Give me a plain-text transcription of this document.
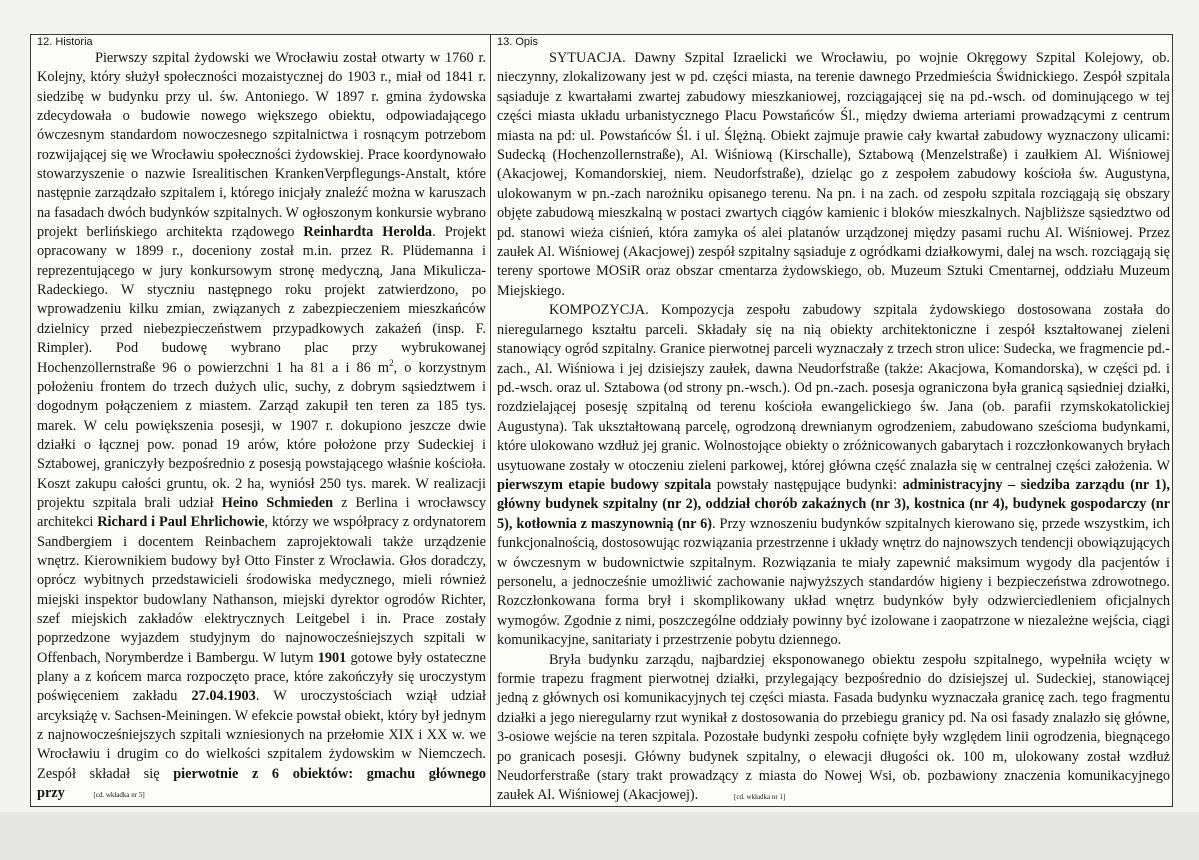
12. Historia

Pierwszy szpital żydowski we Wrocławiu został otwarty w 1760 r. Kolejny, który służył społeczności mozaistycznej do 1903 r., miał od 1841 r. siedzibę w budynku przy ul. św. Antoniego. W 1897 r. gmina żydowska zdecydowała o budowie nowego większego obiektu, odpowiadającego ówczesnym standardom nowoczesnego szpitalnictwa i rosnącym potrzebom rozwijającej się we Wrocławiu społeczności żydowskiej. Prace koordynowało stowarzyszenie o nazwie Isrealitischen KrankenVerpflegungs-Anstalt, które następnie zarządzało szpitalem i, którego inicjały znaleźć można w karuszach na fasadach dwóch budynków szpitalnych. W ogłoszonym konkursie wybrano projekt berlińskiego architekta rządowego Reinhardta Herolda. Projekt opracowany w 1899 r., doceniony został m.in. przez R. Plüdemanna i reprezentującego w jury konkursowym stronę medyczną, Jana Mikulicza-Radeckiego. W styczniu następnego roku projekt zatwierdzono, po wprowadzeniu kilku zmian, związanych z zabezpieczeniem mieszkańców dzielnicy przed niebezpieczeństwem przypadkowych zakażeń (insp. F. Rimpler). Pod budowę wybrano plac przy wybrukowanej Hochenzollernstraße 96 o powierzchni 1 ha 81 a i 86 $m^2$, o korzystnym położeniu frontem do trzech dużych ulic, suchy, z dobrym sąsiedztwem i dogodnym połączeniem z miastem. Zarząd zakupił ten teren za 185 tys. marek. W celu powiększenia posesji, w 1907 r. dokupiono jeszcze dwie działki o łącznej pow. ponad 19 arów, które położone przy Sudeckiej i Sztabowej, graniczyły bezpośrednio z posesją powstającego właśnie kościoła. Koszt zakupu całości gruntu, ok. 2 ha, wyniósł 250 tys. marek. W realizacji projektu szpitala brali udział Heino Schmieden z Berlina i wrocławscy architekci Richard i Paul Ehrlichowie, którzy we współpracy z ordynatorem Sandbergiem i docentem Reinbachem zaprojektowali także urządzenie wnętrz. Kierownikiem budowy był Otto Finster z Wrocławia. Głos doradczy, oprócz wybitnych przedstawicieli środowiska medycznego, mieli również miejski inspektor budowlany Nathanson, miejski dyrektor ogrodów Richter, szef miejskich zakładów elektrycznych Leitgebel i in. Prace zostały poprzedzone wyjazdem studyjnym do najnowocześniejszych szpitali w Offenbach, Norymberdze i Bambergu. W lutym 1901 gotowe były ostateczne plany a z końcem marca rozpoczęto prace, które zakończyły się uroczystym poświęceniem zakładu 27.04.1903. W uroczystościach wziął udział arcyksiążę v. Sachsen-Meiningen. W efekcie powstał obiekt, który był jednym z najnowocześniejszych szpitali wzniesionych na przełomie XIX i XX w. we Wrocławiu i drugim co do wielkości szpitalem żydowskim w Niemczech. Zespół składał się pierwotnie z 6 obiektów: gmachu głównego przy	[cd. wkładka nr 5]

13. Opis

SYTUACJA. Dawny Szpital Izraelicki we Wrocławiu, po wojnie Okręgowy Szpital Kolejowy, ob. nieczynny, zlokalizowany jest w pd. części miasta, na terenie dawnego Przedmieścia Świdnickiego. Zespół szpitala sąsiaduje z kwartałami zwartej zabudowy mieszkaniowej, rozciągającej się na pd.-wsch. od dominującego w tej części miasta układu urbanistycznego Placu Powstańców Śl., między dwiema arteriami prowadzącymi z centrum miasta na pd: ul. Powstańców Śl. i ul. Ślężną. Obiekt zajmuje prawie cały kwartał zabudowy wyznaczony ulicami: Sudecką (Hochenzollernstraße), Al. Wiśniową (Kirschalle), Sztabową (Menzelstraße) i zaułkiem Al. Wiśniowej (Akacjowej, Komandorskiej, niem. Neudorfstraße), dzieląc go z zespołem zabudowy kościoła św. Augustyna, ulokowanym w pn.-zach narożniku opisanego terenu. Na pn. i na zach. od zespołu szpitala rozciągają się obszary objęte zabudową mieszkalną w postaci zwartych ciągów kamienic i bloków mieszkalnych. Najbliższe sąsiedztwo od pd. stanowi wieża ciśnień, która zamyka oś alei platanów urządzonej między pasami ruchu Al. Wiśniowej. Przez zaułek Al. Wiśniowej (Akacjowej) zespół szpitalny sąsiaduje z ogródkami działkowymi, dalej na wsch. rozciągają się tereny sportowe MOSiR oraz obszar cmentarza żydowskiego, ob. Muzeum Sztuki Cmentarnej, oddziału Muzeum Miejskiego.

KOMPOZYCJA. Kompozycja zespołu zabudowy szpitala żydowskiego dostosowana została do nieregularnego kształtu parceli. Składały się na nią obiekty architektoniczne i zespół kształtowanej zieleni stanowiący ogród szpitalny. Granice pierwotnej parceli wyznaczały z trzech stron ulice: Sudecka, we fragmencie pd.-zach., Al. Wiśniowa i jej dzisiejszy zaułek, dawna Neudorfstraße (także: Akacjowa, Komandorska), w części pd. i pd.-wsch. oraz ul. Sztabowa (od strony pn.-wsch.). Od pn.-zach. posesja ograniczona była granicą sąsiedniej działki, rozdzielającej posesję szpitalną od terenu kościoła ewangelickiego św. Jana (ob. parafii rzymskokatolickiej Augustyna). Tak ukształtowaną parcelę, ogrodzoną drewnianym ogrodzeniem, zabudowano sześcioma budynkami, które ulokowano wzdłuż jej granic. Wolnostojące obiekty o zróżnicowanych gabarytach i rozczłonkowanych bryłach usytuowane zostały w otoczeniu zieleni parkowej, której główna część znalazła się w centralnej części założenia. W pierwszym etapie budowy szpitala powstały następujące budynki: administracyjny – siedziba zarządu (nr 1), główny budynek szpitalny (nr 2), oddział chorób zakaźnych (nr 3), kostnica (nr 4), budynek gospodarczy (nr 5), kotłownia z maszynownią (nr 6). Przy wznoszeniu budynków szpitalnych kierowano się, przede wszystkim, ich funkcjonalnością, dostosowując rozwiązania przestrzenne i układy wnętrz do najnowszych tendencji obowiązujących w ówczesnym w budownictwie szpitalnym. Rozwiązania te miały zapewnić maksimum wygody dla pacjentów i personelu, a jednocześnie umożliwić zachowanie najwyższych standardów higieny i bezpieczeństwa zdrowotnego. Rozczłonkowana forma brył i skomplikowany układ wnętrz budynków były odzwierciedleniem oficjalnych wymogów. Zgodnie z nimi, poszczególne oddziały powinny być izolowane i zaopatrzone w niezależne wejścia, ciągi komunikacyjne, sanitariaty i przestrzenie pobytu dziennego.

Bryła budynku zarządu, najbardziej eksponowanego obiektu zespołu szpitalnego, wypełniła wcięty w formie trapezu fragment pierwotnej działki, przylegający bezpośrednio do dzisiejszej ul. Sudeckiej, stanowiącej jedną z głównych osi komunikacyjnych tej części miasta. Fasada budynku wyznaczała granicę zach. tego fragmentu działki a jego nieregularny rzut wynikał z dostosowania do przebiegu granicy pd. Na osi fasady znalazło się główne, 3-osiowe wejście na teren szpitala. Pozostałe budynki zespołu cofnięte były względem linii ogrodzenia, biegnącego po granicach posesji. Główny budynek szpitalny, o elewacji długości ok. 100 m, ulokowany został wzdłuż Neudorferstraße (stary trakt prowadzący z miasta do Nowej Wsi, ob. pozbawiony znaczenia komunikacyjnego zaułek Al. Wiśniowej (Akacjowej).	[cd. wkładka nr 1]
